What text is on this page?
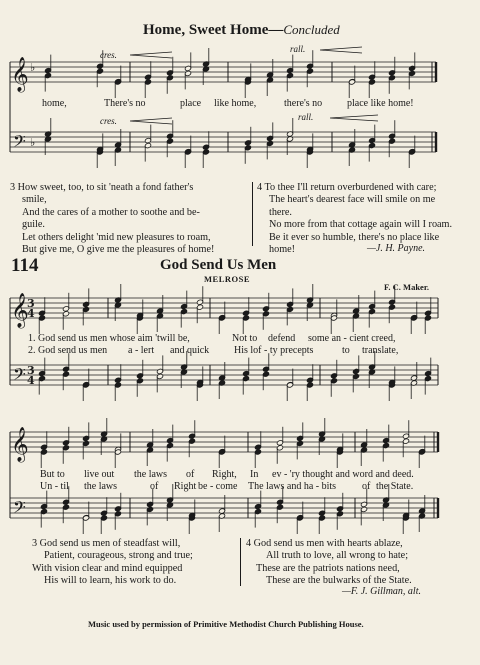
Home, Sweet Home—Concluded
cres.
rall.
cres.	rall.
𝄞
𝄢
♭
♭
𝄞
𝄢
3
4
3
4
𝄞
𝄢
home,	There's no	place like home,	there's no place like home!
3 How sweet, too, to sit 'neath a fond father's
smile,
And the cares of a mother to soothe and be-
guile.
Let others delight 'mid new pleasures to roam,
But give me, O give me the pleasures of home!
4 To thee I'll return overburdened with care;
The heart's dearest face will smile on me
there.
No more from that cottage again will I roam.
Be it ever so humble, there's no place like
home!	—J. H. Payne.
114	God Send Us Men
MELROSE
F. C. Maker.
1. God send us men whose aim 'twill be,	Not to defend some an - cient creed,
2. God send us men a - lert and quick His lof - ty precepts	to translate,
But to live out the laws of Right, In ev - 'ry thought and word and deed.
Un - til the laws	of Right be - come The laws and ha - bits	of the State.
3 God send us men of steadfast will,
Patient, courageous, strong and true;
With vision clear and mind equipped
His will to learn, his work to do.
4 God send us men with hearts ablaze,
All truth to love, all wrong to hate;
These are the patriots nations need,
These are the bulwarks of the State.
—F. J. Gillman, alt.
Music used by permission of Primitive Methodist Church Publishing House.
